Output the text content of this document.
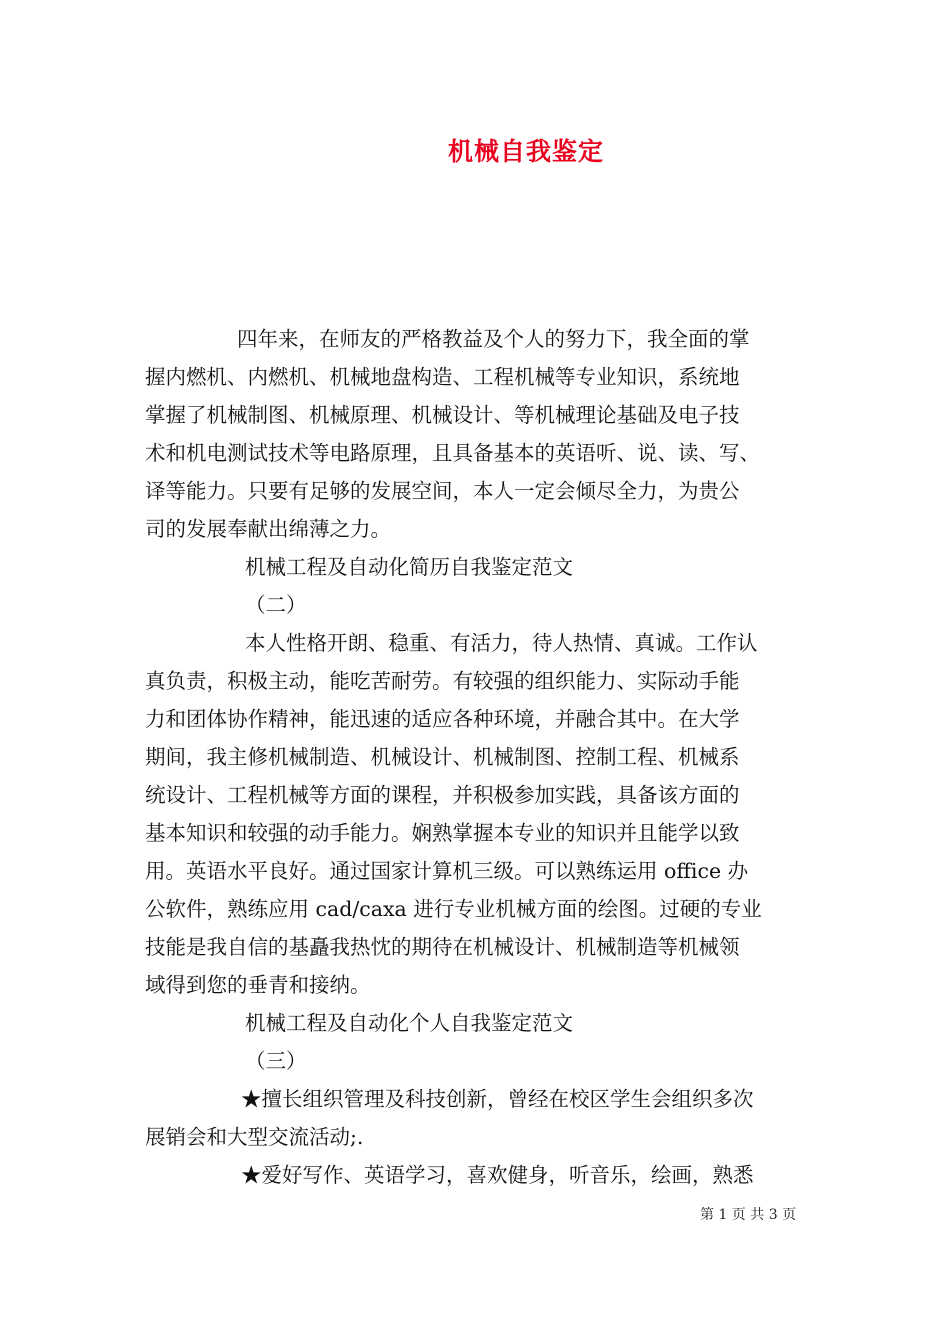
机械自我鉴定
四年来，在师友的严格教益及个人的努力下，我全面的掌
握内燃机、内燃机、机械地盘构造、工程机械等专业知识，系统地
掌握了机械制图、机械原理、机械设计、等机械理论基础及电子技
术和机电测试技术等电路原理，且具备基本的英语听、说、读、写、
译等能力。只要有足够的发展空间，本人一定会倾尽全力，为贵公
司的发展奉献出绵薄之力。
机械工程及自动化简历自我鉴定范文
（二）
本人性格开朗、稳重、有活力，待人热情、真诚。工作认
真负责，积极主动，能吃苦耐劳。有较强的组织能力、实际动手能
力和团体协作精神，能迅速的适应各种环境，并融合其中。在大学
期间，我主修机械制造、机械设计、机械制图、控制工程、机械系
统设计、工程机械等方面的课程，并积极参加实践，具备该方面的
基本知识和较强的动手能力。娴熟掌握本专业的知识并且能学以致
用。英语水平良好。通过国家计算机三级。可以熟练运用 office 办
公软件，熟练应用 cad/caxa 进行专业机械方面的绘图。过硬的专业
技能是我自信的基矗我热忱的期待在机械设计、机械制造等机械领
域得到您的垂青和接纳。
机械工程及自动化个人自我鉴定范文
（三）
★擅长组织管理及科技创新，曾经在校区学生会组织多次
展销会和大型交流活动;.
★爱好写作、英语学习，喜欢健身，听音乐，绘画，熟悉
第 1 页 共 3 页
